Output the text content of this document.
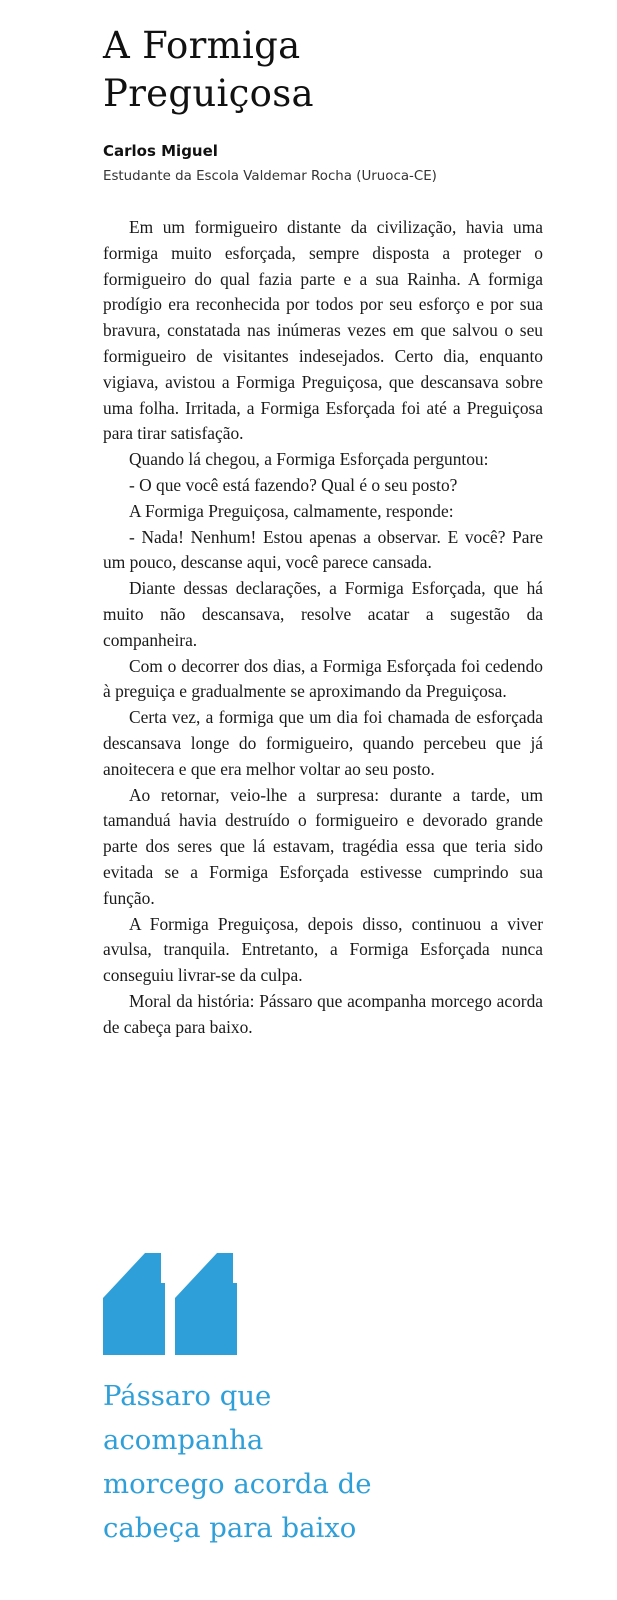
A Formiga
Preguiçosa

Carlos Miguel

Estudante da Escola Valdemar Rocha (Uruoca-CE)

Em um formigueiro distante da civilização, havia uma formiga muito esforçada, sempre disposta a proteger o formigueiro do qual fazia parte e a sua Rainha. A formiga prodígio era reconhecida por todos por seu esforço e por sua bravura, constatada nas inúmeras vezes em que salvou o seu formigueiro de visitantes indesejados. Certo dia, enquanto vigiava, avistou a Formiga Preguiçosa, que descansava sobre uma folha. Irritada, a Formiga Esforçada foi até a Preguiçosa para tirar satisfação.

Quando lá chegou, a Formiga Esforçada perguntou:

- O que você está fazendo? Qual é o seu posto?

A Formiga Preguiçosa, calmamente, responde:

- Nada! Nenhum! Estou apenas a observar. E você? Pare um pouco, descanse aqui, você parece cansada.

Diante dessas declarações, a Formiga Esforçada, que há muito não descansava, resolve acatar a sugestão da companheira.

Com o decorrer dos dias, a Formiga Esforçada foi cedendo à preguiça e gradualmente se aproximando da Preguiçosa.

Certa vez, a formiga que um dia foi chamada de esforçada descansava longe do formigueiro, quando percebeu que já anoitecera e que era melhor voltar ao seu posto.

Ao retornar, veio-lhe a surpresa: durante a tarde, um tamanduá havia destruído o formigueiro e devorado grande parte dos seres que lá estavam, tragédia essa que teria sido evitada se a Formiga Esforçada estivesse cumprindo sua função.

A Formiga Preguiçosa, depois disso, continuou a viver avulsa, tranquila. Entretanto, a Formiga Esforçada nunca conseguiu livrar-se da culpa.

Moral da história: Pássaro que acompanha morcego acorda de cabeça para baixo.

Pássaro que
acompanha
morcego acorda de
cabeça para baixo
